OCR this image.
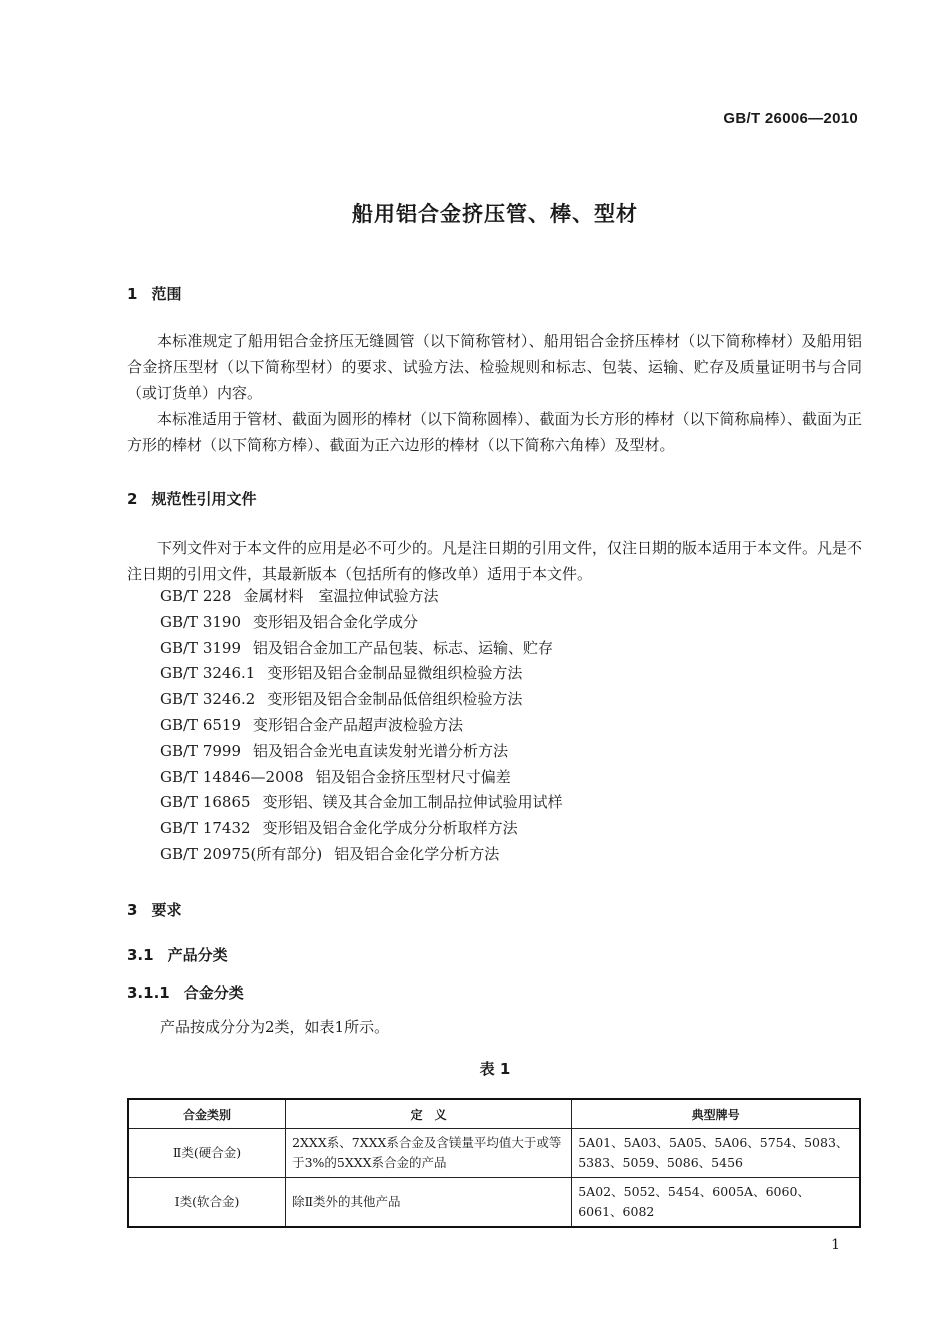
GB/T 26006—2010
船用铝合金挤压管、棒、型材
1 范围

本标准规定了船用铝合金挤压无缝圆管（以下简称管材）、船用铝合金挤压棒材（以下简称棒材）及船用铝合金挤压型材（以下简称型材）的要求、试验方法、检验规则和标志、包装、运输、贮存及质量证明书与合同（或订货单）内容。

本标准适用于管材、截面为圆形的棒材（以下简称圆棒）、截面为长方形的棒材（以下简称扁棒）、截面为正方形的棒材（以下简称方棒）、截面为正六边形的棒材（以下简称六角棒）及型材。

2 规范性引用文件

下列文件对于本文件的应用是必不可少的。凡是注日期的引用文件，仅注日期的版本适用于本文件。凡是不注日期的引用文件，其最新版本（包括所有的修改单）适用于本文件。

GB/T 228 金属材料　室温拉伸试验方法
GB/T 3190 变形铝及铝合金化学成分
GB/T 3199 铝及铝合金加工产品包装、标志、运输、贮存
GB/T 3246.1 变形铝及铝合金制品显微组织检验方法
GB/T 3246.2 变形铝及铝合金制品低倍组织检验方法
GB/T 6519 变形铝合金产品超声波检验方法
GB/T 7999 铝及铝合金光电直读发射光谱分析方法
GB/T 14846—2008 铝及铝合金挤压型材尺寸偏差
GB/T 16865 变形铝、镁及其合金加工制品拉伸试验用试样
GB/T 17432 变形铝及铝合金化学成分分析取样方法
GB/T 20975(所有部分) 铝及铝合金化学分析方法
3 要求
3.1 产品分类
3.1.1 合金分类
产品按成分分为2类，如表1所示。
表 1
合金类别	定　义	典型牌号
Ⅱ类(硬合金)	2XXX系、7XXX系合金及含镁量平均值大于或等于3%的5XXX系合金的产品	5A01、5A03、5A05、5A06、5754、5083、5383、5059、5086、5456
Ⅰ类(软合金)	除Ⅱ类外的其他产品	5A02、5052、5454、6005A、6060、6061、6082
1
